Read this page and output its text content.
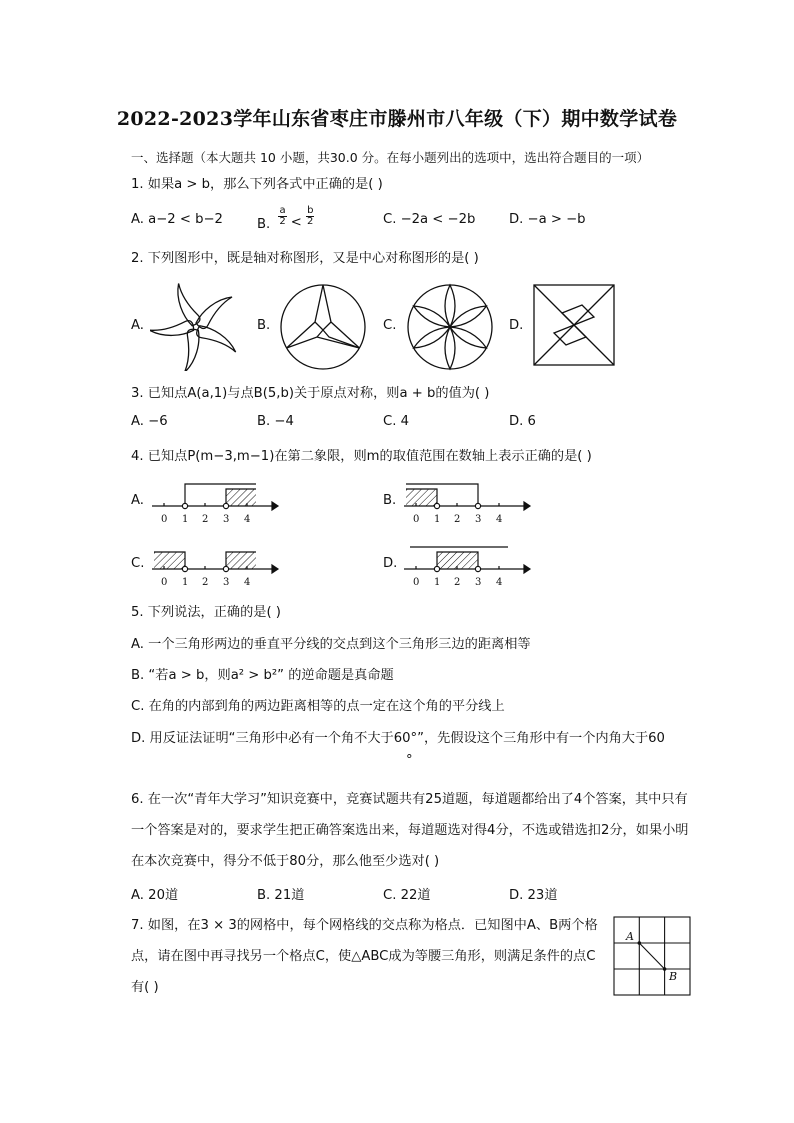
2022-2023学年山东省枣庄市滕州市八年级（下）期中数学试卷
一、选择题（本大题共 10 小题，共30.0 分。在每小题列出的选项中，选出符合题目的一项）
1. 如果a > b，那么下列各式中正确的是( )
A. a−2 < b−2	B. $\frac{a}{2} < \frac{b}{2}$	C. −2a < −2b	D. −a > −b
2. 下列图形中，既是轴对称图形，又是中心对称图形的是( )
A.	B.	C.	D.
3. 已知点A(a,1)与点B(5,b)关于原点对称，则a + b的值为( )
A. −6	B. −4	C. 4	D. 6
4. 已知点P(m−3,m−1)在第二象限，则m的取值范围在数轴上表示正确的是( )
A.	B.
C.	D.
0 1 2 3 4	0 1 2 3 4
0 1 2 3 4	0 1 2 3 4
5. 下列说法，正确的是( )
A. 一个三角形两边的垂直平分线的交点到这个三角形三边的距离相等
B. “若a > b，则a² > b²” 的逆命题是真命题
C. 在角的内部到角的两边距离相等的点一定在这个角的平分线上
D. 用反证法证明“三角形中必有一个角不大于60°”，先假设这个三角形中有一个内角大于60
°
6. 在一次“青年大学习”知识竞赛中，竞赛试题共有25道题，每道题都给出了4个答案，其中只有一个答案是对的，要求学生把正确答案选出来，每道题选对得4分，不选或错选扣2分，如果小明在本次竞赛中，得分不低于80分，那么他至少选对( )
A. 20道	B. 21道	C. 22道	D. 23道
7. 如图，在3 × 3的网格中，每个网格线的交点称为格点．已知图中A、B两个格点，请在图中再寻找另一个格点C，使△ABC成为等腰三角形，则满足条件的点C有( )
A
B
